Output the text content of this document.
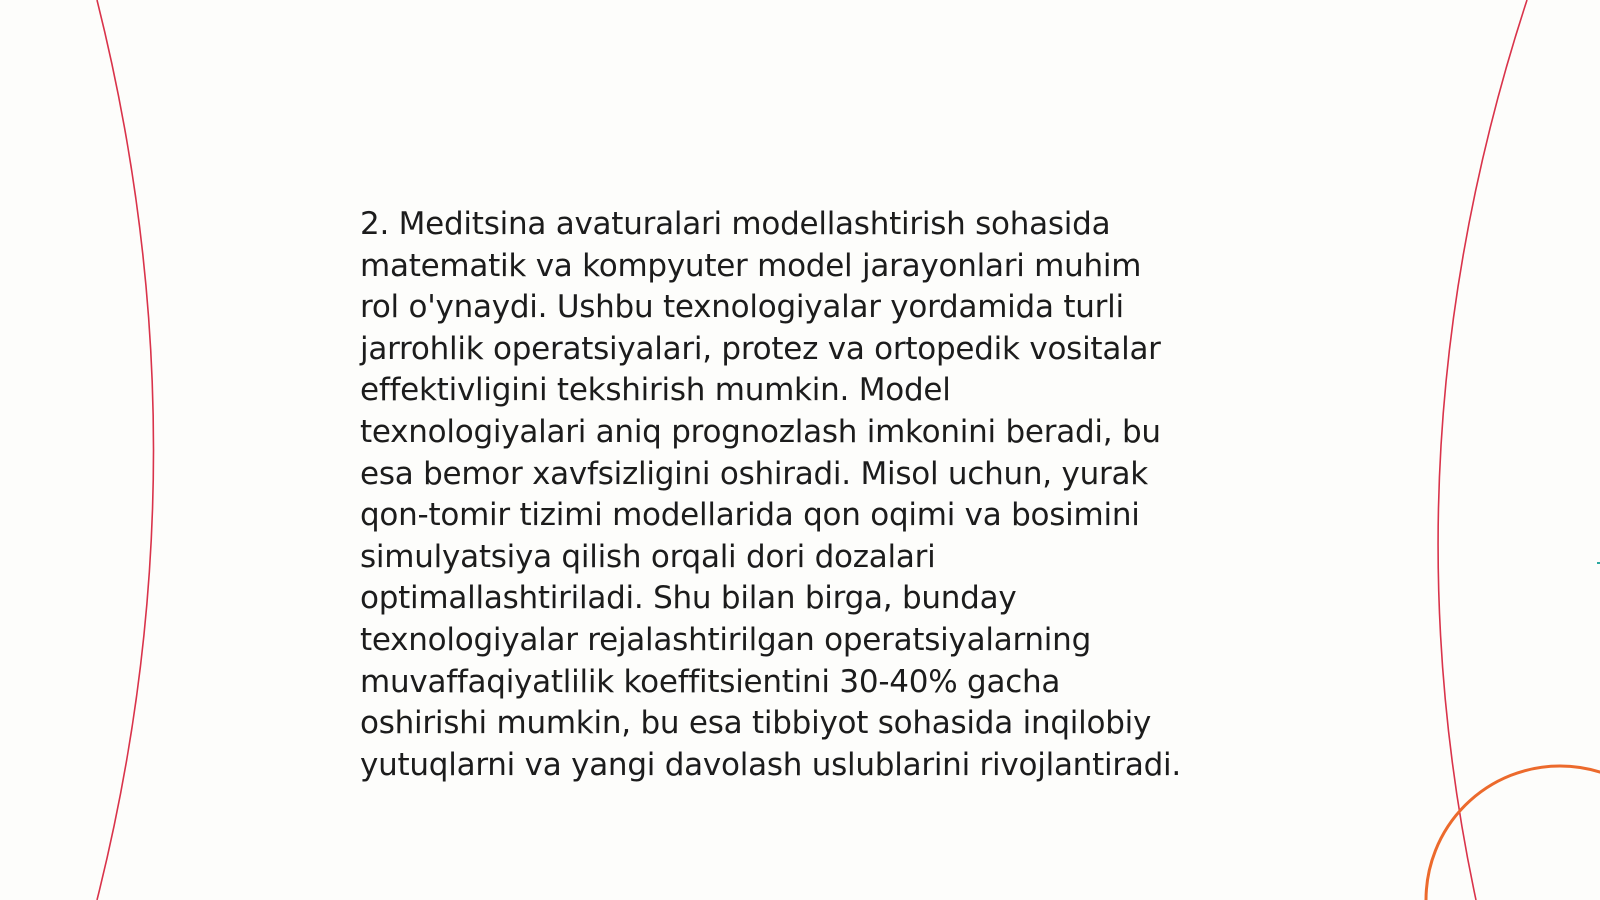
2. Meditsina avaturalari modellashtirish sohasida
matematik va kompyuter model jarayonlari muhim
rol o'ynaydi. Ushbu texnologiyalar yordamida turli
jarrohlik operatsiyalari, protez va ortopedik vositalar
effektivligini tekshirish mumkin. Model
texnologiyalari aniq prognozlash imkonini beradi, bu
esa bemor xavfsizligini oshiradi. Misol uchun, yurak
qon-tomir tizimi modellarida qon oqimi va bosimini
simulyatsiya qilish orqali dori dozalari
optimallashtiriladi. Shu bilan birga, bunday
texnologiyalar rejalashtirilgan operatsiyalarning
muvaffaqiyatlilik koeffitsientini 30-40% gacha
oshirishi mumkin, bu esa tibbiyot sohasida inqilobiy
yutuqlarni va yangi davolash uslublarini rivojlantiradi.
